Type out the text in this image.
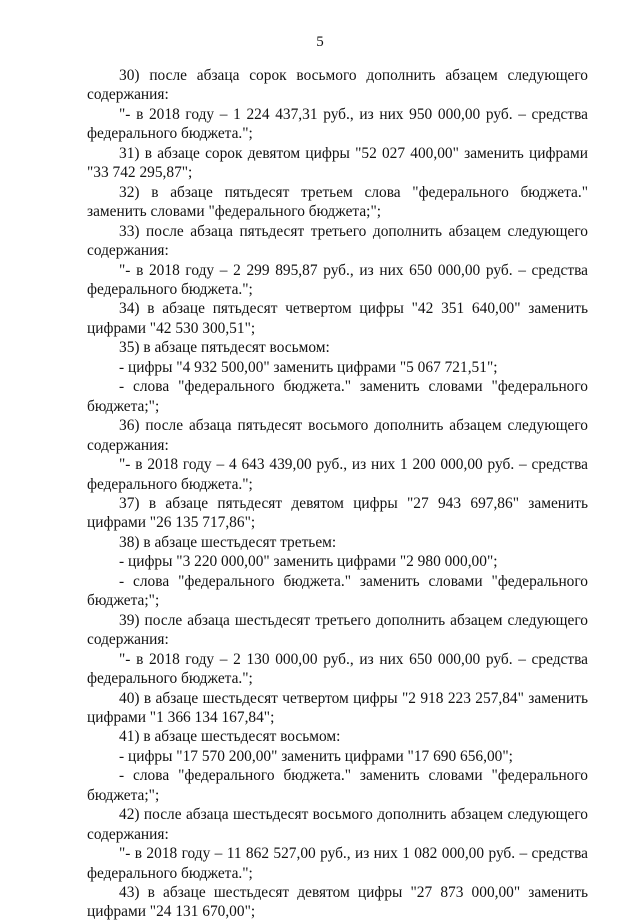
5

30) после абзаца сорок восьмого дополнить абзацем следующего содержания:

"- в 2018 году – 1 224 437,31 руб., из них 950 000,00 руб. – средства федерального бюджета.";

31) в абзаце сорок девятом цифры "52 027 400,00" заменить цифрами "33 742 295,87";

32) в абзаце пятьдесят третьем слова "федерального бюджета." заменить словами "федерального бюджета;";

33) после абзаца пятьдесят третьего дополнить абзацем следующего содержания:

"- в 2018 году – 2 299 895,87 руб., из них 650 000,00 руб. – средства федерального бюджета.";

34) в абзаце пятьдесят четвертом цифры "42 351 640,00" заменить цифрами "42 530 300,51";

35) в абзаце пятьдесят восьмом:

- цифры "4 932 500,00" заменить цифрами "5 067 721,51";

- слова "федерального бюджета." заменить словами "федерального бюджета;";

36) после абзаца пятьдесят восьмого дополнить абзацем следующего содержания:

"- в 2018 году – 4 643 439,00 руб., из них 1 200 000,00 руб. – средства федерального бюджета.";

37) в абзаце пятьдесят девятом цифры "27 943 697,86" заменить цифрами "26 135 717,86";

38) в абзаце шестьдесят третьем:

- цифры "3 220 000,00" заменить цифрами "2 980 000,00";

- слова "федерального бюджета." заменить словами "федерального бюджета;";

39) после абзаца шестьдесят третьего дополнить абзацем следующего содержания:

"- в 2018 году – 2 130 000,00 руб., из них 650 000,00 руб. – средства федерального бюджета.";

40) в абзаце шестьдесят четвертом цифры "2 918 223 257,84" заменить цифрами "1 366 134 167,84";

41) в абзаце шестьдесят восьмом:

- цифры "17 570 200,00" заменить цифрами "17 690 656,00";

- слова "федерального бюджета." заменить словами "федерального бюджета;";

42) после абзаца шестьдесят восьмого дополнить абзацем следующего содержания:

"- в 2018 году – 11 862 527,00 руб., из них 1 082 000,00 руб. – средства федерального бюджета.";

43) в абзаце шестьдесят девятом цифры "27 873 000,00" заменить цифрами "24 131 670,00";
